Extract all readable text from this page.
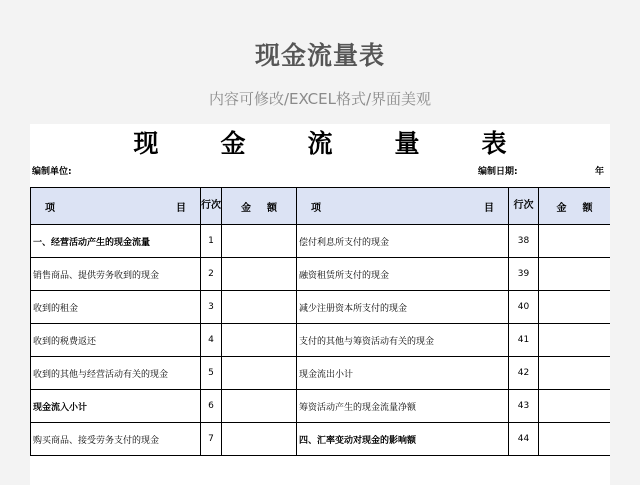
现金流量表
内容可修改/EXCEL格式/界面美观
现金流量表
编制单位:	编制日期:	年
项 目	行次	金额	项 目	行次	金额
一、经营活动产生的现金流量	1		偿付利息所支付的现金	38	
销售商品、提供劳务收到的现金	2		融资租赁所支付的现金	39	
收到的租金	3		减少注册资本所支付的现金	40	
收到的税费返还	4		支付的其他与筹资活动有关的现金	41	
收到的其他与经营活动有关的现金	5		现金流出小计	42	
现金流入小计	6		筹资活动产生的现金流量净额	43	
购买商品、接受劳务支付的现金	7		四、汇率变动对现金的影响额	44	
